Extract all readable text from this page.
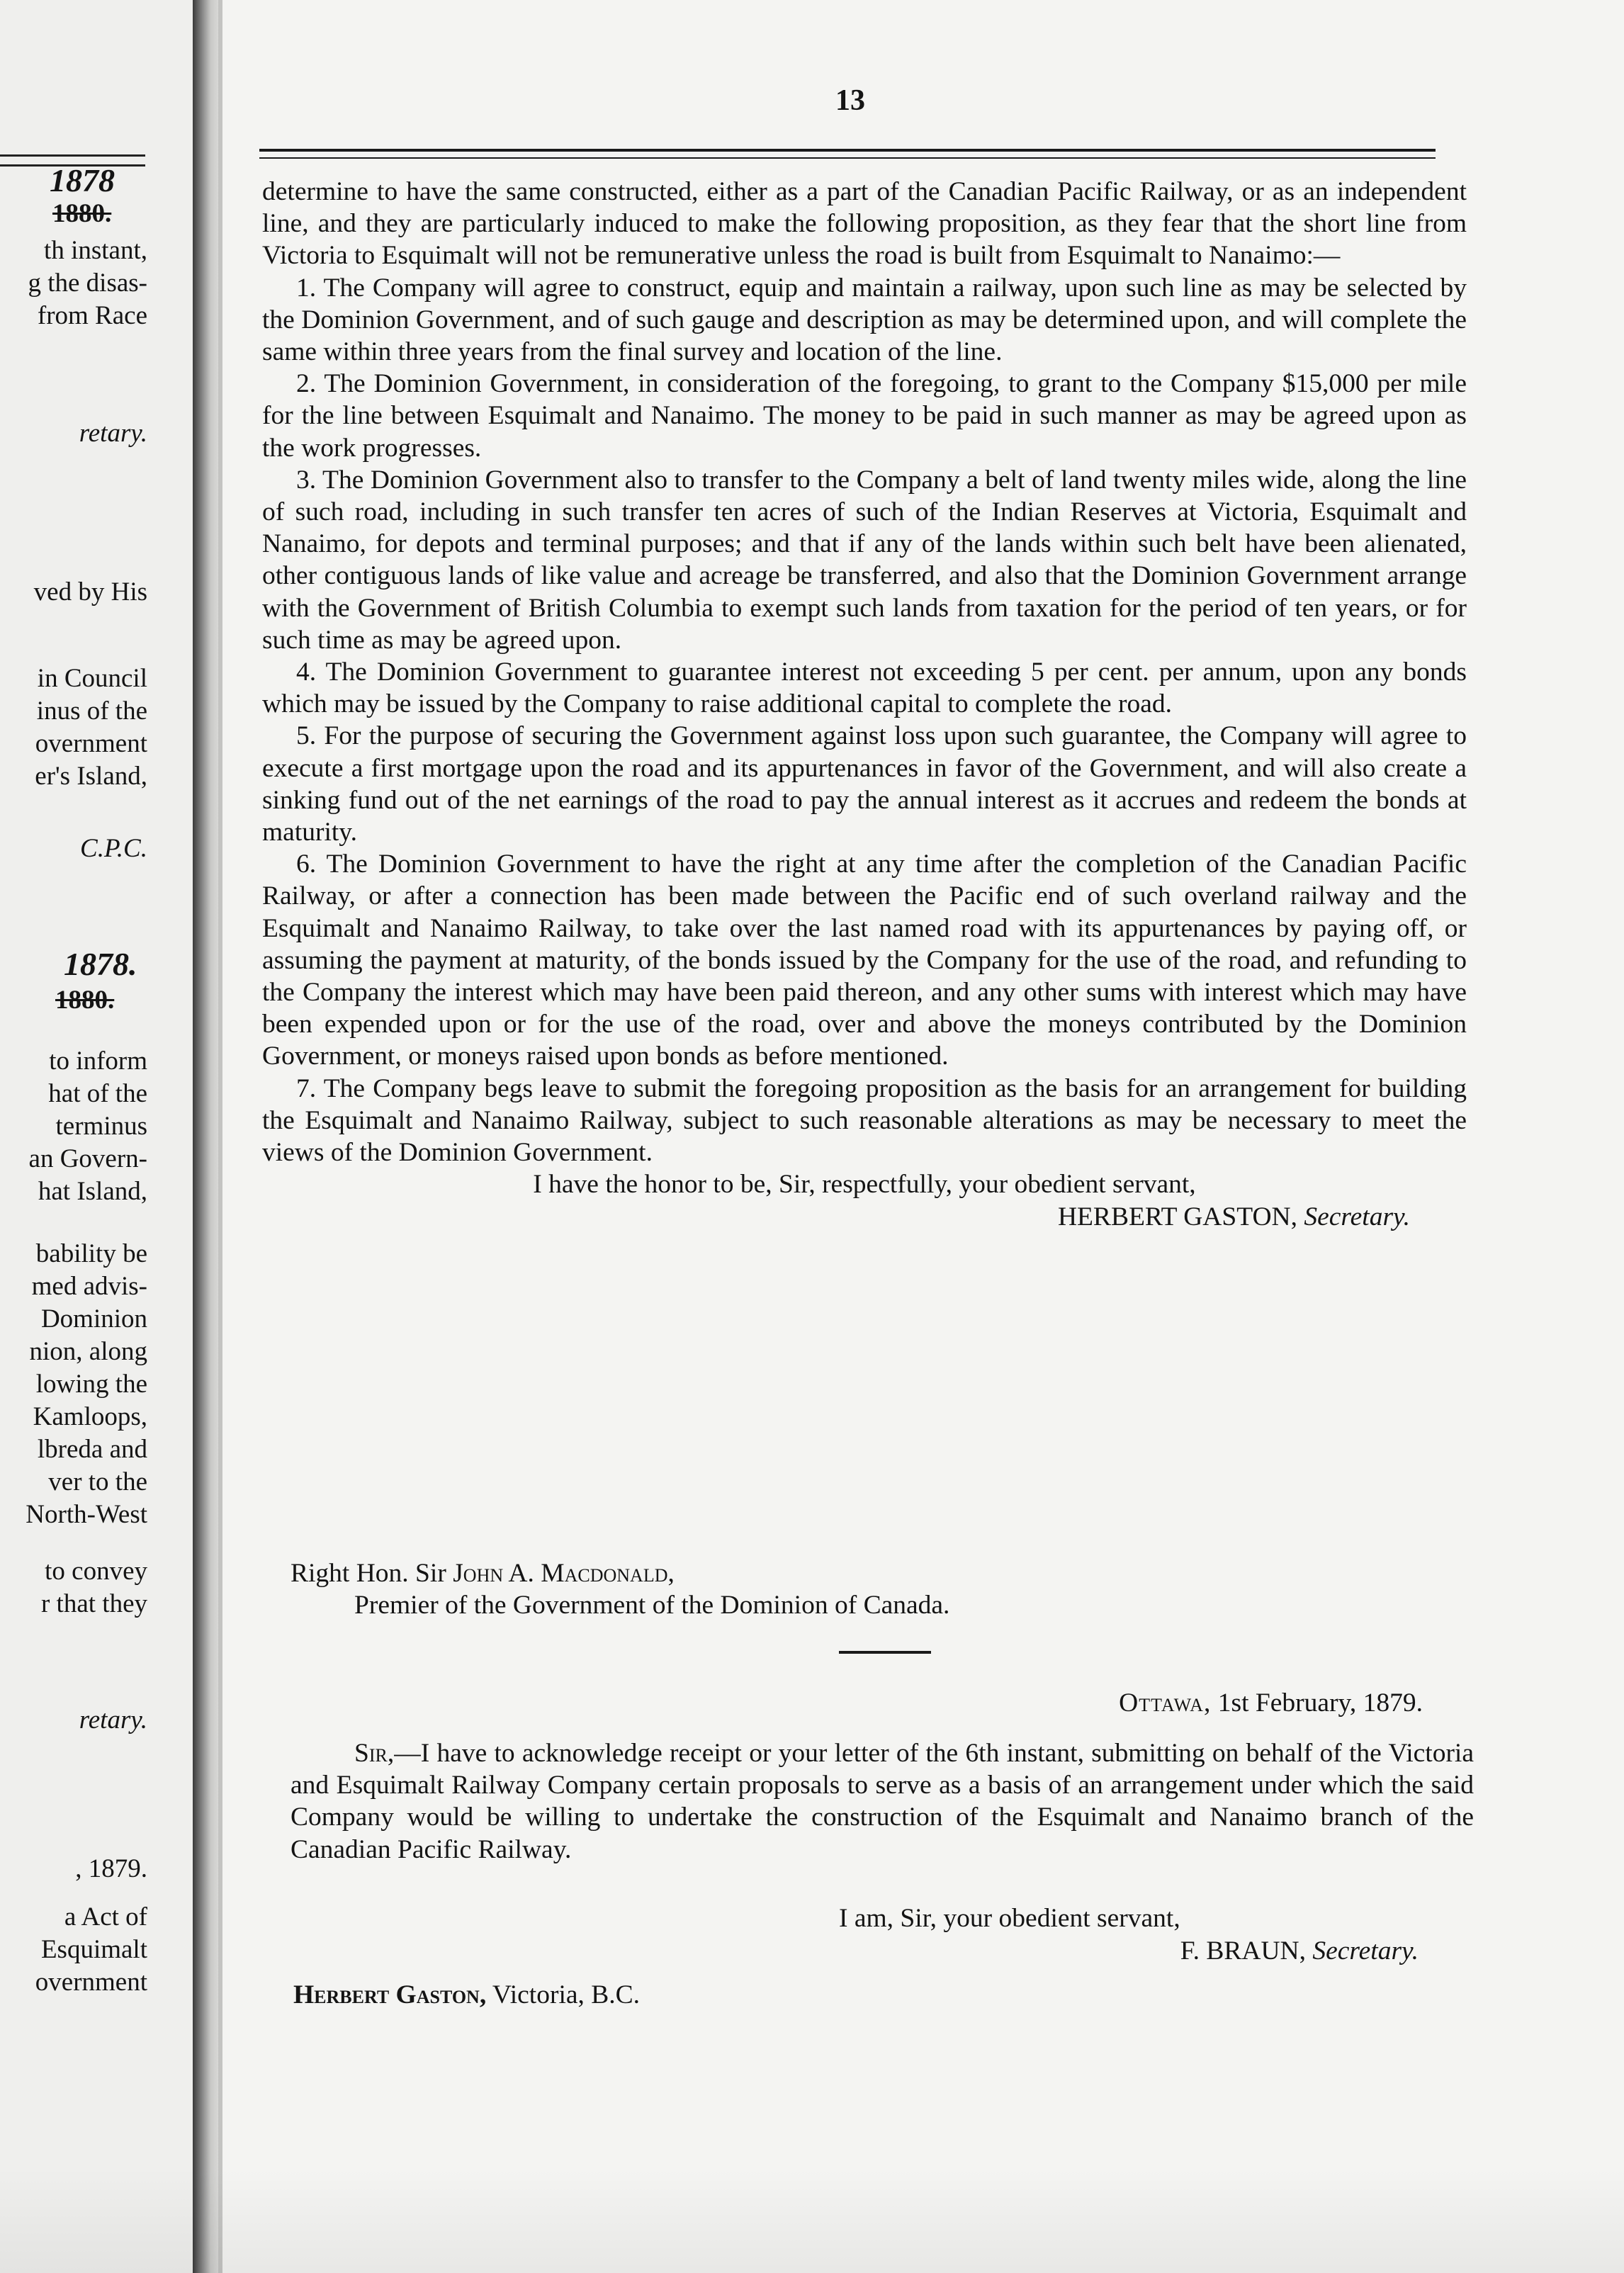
1878
1880.
th instant,
g the disas-
from Race
retary.
ved by His
in Council
inus of the
overnment
er's Island,
C.P.C.
1878.
1880.
to inform
hat of the
terminus
an Govern-
hat Island,
bability be
med advis-
Dominion
nion, along
lowing the
Kamloops,
lbreda and
ver to the
North-West
to convey
r that they
retary.
, 1879.
a Act of
Esquimalt
overnment
13

determine to have the same constructed, either as a part of the Canadian Pacific Railway, or as an independent line, and they are particularly induced to make the following proposition, as they fear that the short line from Victoria to Esquimalt will not be remunerative unless the road is built from Esquimalt to Nanaimo:—

1. The Company will agree to construct, equip and maintain a railway, upon such line as may be selected by the Dominion Government, and of such gauge and description as may be determined upon, and will complete the same within three years from the final survey and location of the line.

2. The Dominion Government, in consideration of the foregoing, to grant to the Company $15,000 per mile for the line between Esquimalt and Nanaimo. The money to be paid in such manner as may be agreed upon as the work progresses.

3. The Dominion Government also to transfer to the Company a belt of land twenty miles wide, along the line of such road, including in such transfer ten acres of such of the Indian Reserves at Victoria, Esquimalt and Nanaimo, for depots and terminal purposes; and that if any of the lands within such belt have been alienated, other contiguous lands of like value and acreage be transferred, and also that the Dominion Government arrange with the Government of British Columbia to exempt such lands from taxation for the period of ten years, or for such time as may be agreed upon.

4. The Dominion Government to guarantee interest not exceeding 5 per cent. per annum, upon any bonds which may be issued by the Company to raise additional capital to complete the road.

5. For the purpose of securing the Government against loss upon such guarantee, the Company will agree to execute a first mortgage upon the road and its appurtenances in favor of the Government, and will also create a sinking fund out of the net earnings of the road to pay the annual interest as it accrues and redeem the bonds at maturity.

6. The Dominion Government to have the right at any time after the completion of the Canadian Pacific Railway, or after a connection has been made between the Pacific end of such overland railway and the Esquimalt and Nanaimo Railway, to take over the last named road with its appurtenances by paying off, or assuming the payment at maturity, of the bonds issued by the Company for the use of the road, and refunding to the Company the interest which may have been paid thereon, and any other sums with interest which may have been expended upon or for the use of the road, over and above the moneys contributed by the Dominion Government, or moneys raised upon bonds as before mentioned.

7. The Company begs leave to submit the foregoing proposition as the basis for an arrangement for building the Esquimalt and Nanaimo Railway, subject to such reasonable alterations as may be necessary to meet the views of the Dominion Government.

I have the honor to be, Sir, respectfully, your obedient servant,

HERBERT GASTON, Secretary.

Right Hon. Sir John A. Macdonald,
Premier of the Government of the Dominion of Canada.
Ottawa, 1st February, 1879.

Sir,—I have to acknowledge receipt or your letter of the 6th instant, submitting on behalf of the Victoria and Esquimalt Railway Company certain proposals to serve as a basis of an arrangement under which the said Company would be willing to undertake the construction of the Esquimalt and Nanaimo branch of the Canadian Pacific Railway.

I am, Sir, your obedient servant,
F. BRAUN, Secretary.
Herbert Gaston, Victoria, B.C.
